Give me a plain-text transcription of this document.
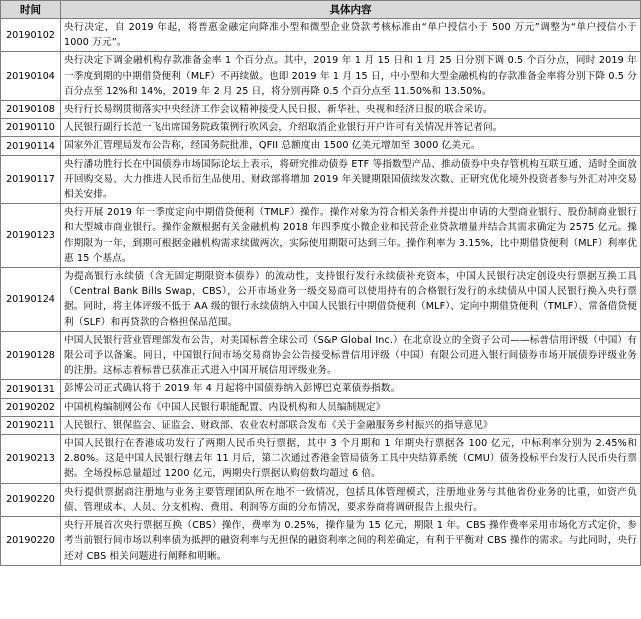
时间	具体内容
20190102	央行决定，自 2019 年起，将普惠金融定向降准小型和微型企业贷款考核标准由“单户授信小于 500 万元”调整为“单户授信小于 1000 万元”。
20190104	央行决定下调金融机构存款准备金率 1 个百分点。其中，2019 年 1 月 15 日和 1 月 25 日分别下调 0.5 个百分点，同时 2019 年一季度到期的中期借贷便利（MLF）不再续做。也即 2019 年 1 月 15 日，中小型和大型金融机构的存款准备金率将分别下降 0.5 分百分点至 12%和 14%，2019 年 2 月 25 日，将分别再降 0.5 个百分点至 11.50%和 13.50%。
20190108	央行行长易纲贯彻落实中央经济工作会议精神接受人民日报、新华社、央视和经济日报的联合采访。
20190110	人民银行副行长范一飞出席国务院政策例行吹风会，介绍取消企业银行开户许可有关情况并答记者问。
20190114	国家外汇管理局发布公告称，经国务院批准，QFII 总额度由 1500 亿美元增加至 3000 亿美元。
20190117	央行潘功胜行长在中国债券市场国际论坛上表示，将研究推动债券 ETF 等指数型产品、推动债券中央存管机构互联互通、适时全面放开回购交易、大力推进人民币衍生品使用、财政部将增加 2019 年关键期限国债续发次数、正研究优化境外投资者参与外汇对冲交易相关安排。
20190123	央行开展 2019 年一季度定向中期借贷便利（TMLF）操作。操作对象为符合相关条件并提出申请的大型商业银行、股份制商业银行和大型城市商业银行。操作金额根据有关金融机构 2018 年四季度小微企业和民营企业贷款增量并结合其需求确定为 2575 亿元。操作期限为一年，到期可根据金融机构需求续做两次，实际使用期限可达到三年。操作利率为 3.15%，比中期借贷便利（MLF）利率优惠 15 个基点。
20190124	为提高银行永续债（含无固定期限资本债券）的流动性，支持银行发行永续债补充资本，中国人民银行决定创设央行票据互换工具（Central Bank Bills Swap，CBS），公开市场业务一级交易商可以使用持有的合格银行发行的永续债从中国人民银行换入央行票据。同时，将主体评级不低于 AA 级的银行永续债纳入中国人民银行中期借贷便利（MLF）、定向中期借贷便利（TMLF）、常备借贷便利（SLF）和再贷款的合格担保品范围。
20190128	中国人民银行营业管理部发布公告，对美国标普全球公司（S&P Global Inc.）在北京设立的全资子公司——标普信用评级（中国）有限公司予以备案。同日，中国银行间市场交易商协会公告接受标普信用评级（中国）有限公司进入银行间债券市场开展债券评级业务的注册。这标志着标普已获准正式进入中国开展信用评级业务。
20190131	彭博公司正式确认将于 2019 年 4 月起将中国债券纳入彭博巴克莱债券指数。
20190202	中国机构编制网公布《中国人民银行职能配置、内设机构和人员编制规定》
20190211	人民银行、银保监会、证监会、财政部、农业农村部联合发布《关于金融服务乡村振兴的指导意见》
20190213	中国人民银行在香港成功发行了两期人民币央行票据，其中 3 个月期和 1 年期央行票据各 100 亿元，中标利率分别为 2.45%和 2.80%。这是中国人民银行继去年 11 月后，第二次通过香港金管局债务工具中央结算系统（CMU）债务投标平台发行人民币央行票据。全场投标总量超过 1200 亿元，两期央行票据认购倍数均超过 6 倍。
20190220	央行提供票据商注册地与业务主要管理团队所在地不一致情况，包括具体管理模式，注册地业务与其他省份业务的比重，如资产负债、管理成本、人员、分支机构、费用、利润等方面的分布情况，要求券商将调研报告上报央行。
20190220	央行开展首次央行票据互换（CBS）操作，费率为 0.25%，操作量为 15 亿元，期限 1 年。CBS 操作费率采用市场化方式定价，参考当前银行间市场以利率债为抵押的融资利率与无担保的融资利率之间的利差确定，有利于平衡对 CBS 操作的需求。与此同时，央行还对 CBS 相关问题进行阐释和明晰。
